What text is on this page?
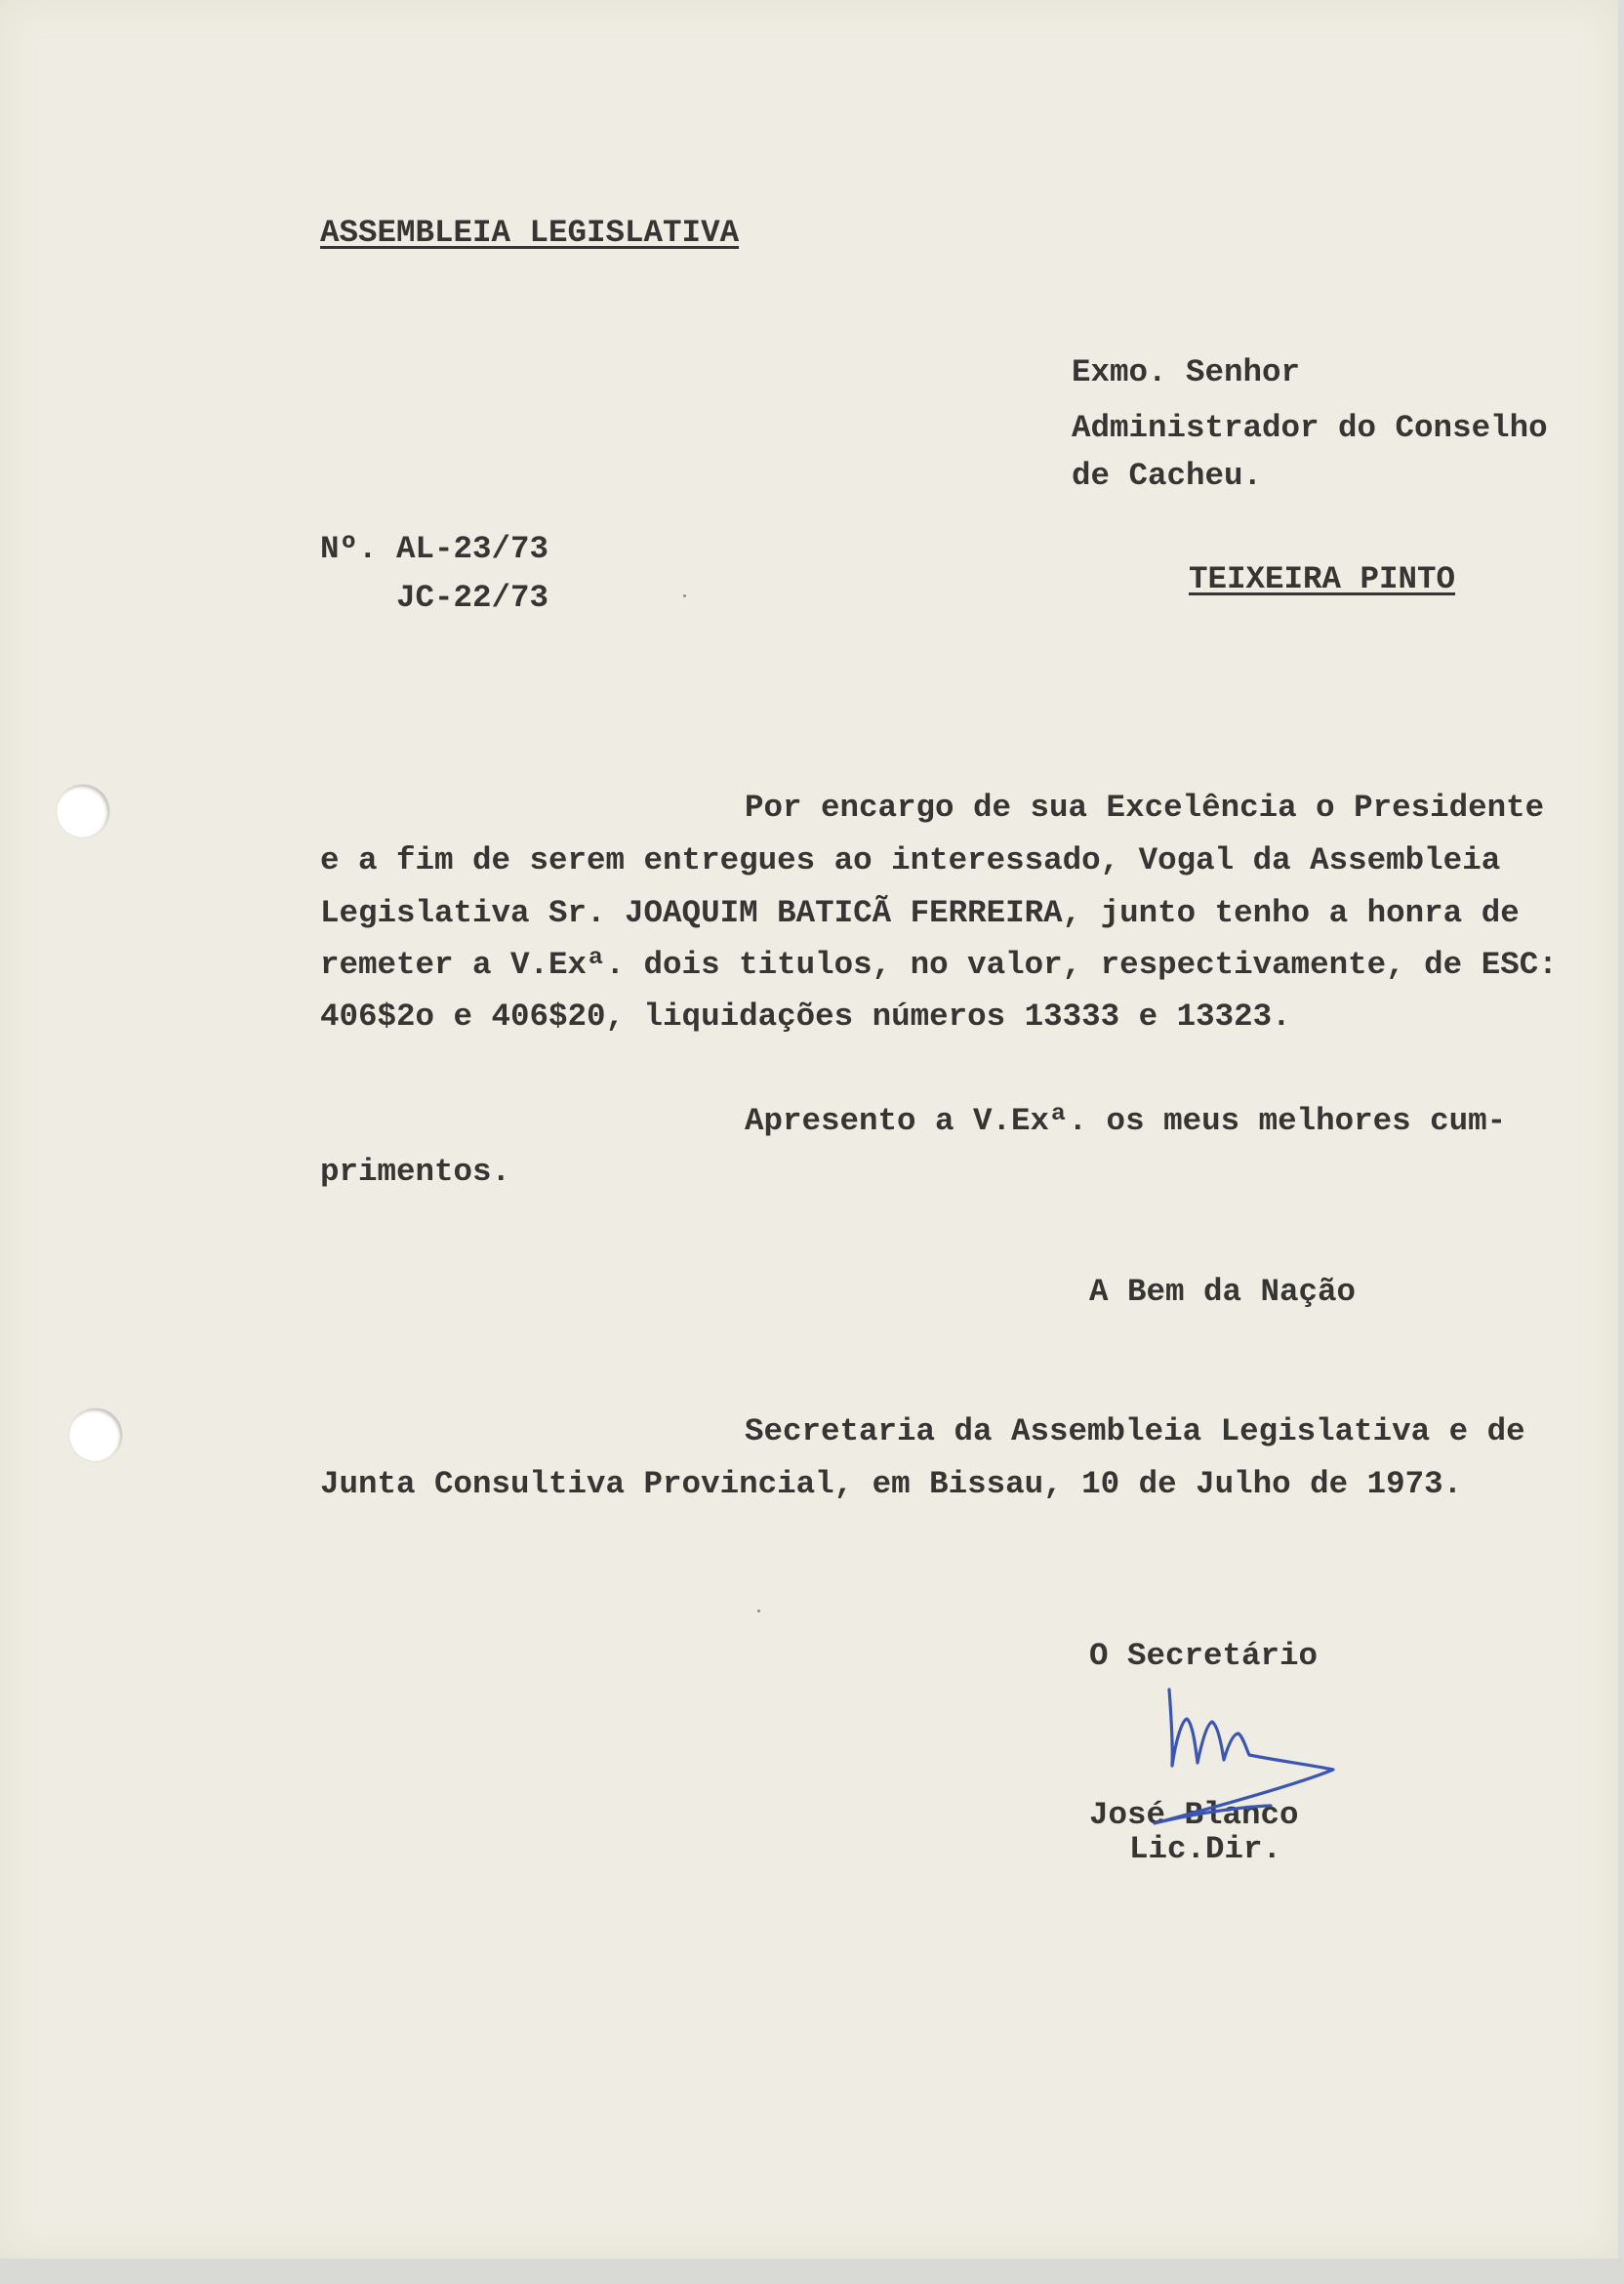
ASSEMBLEIA LEGISLATIVA
Exmo. Senhor
Administrador do Conselho
de Cacheu.
Nº. AL-23/73
JC-22/73
TEIXEIRA PINTO
Por encargo de sua Excelência o Presidente
e a fim de serem entregues ao interessado, Vogal da Assembleia
Legislativa Sr. JOAQUIM BATICÃ FERREIRA, junto tenho a honra de
remeter a V.Exª. dois titulos, no valor, respectivamente, de ESC:
406$2o e 406$20, liquidações números 13333 e 13323.
Apresento a V.Exª. os meus melhores cum-
primentos.
A Bem da Nação
Secretaria da Assembleia Legislativa e de
Junta Consultiva Provincial, em Bissau, 10 de Julho de 1973.
O Secretário
José Blanco
Lic.Dir.
